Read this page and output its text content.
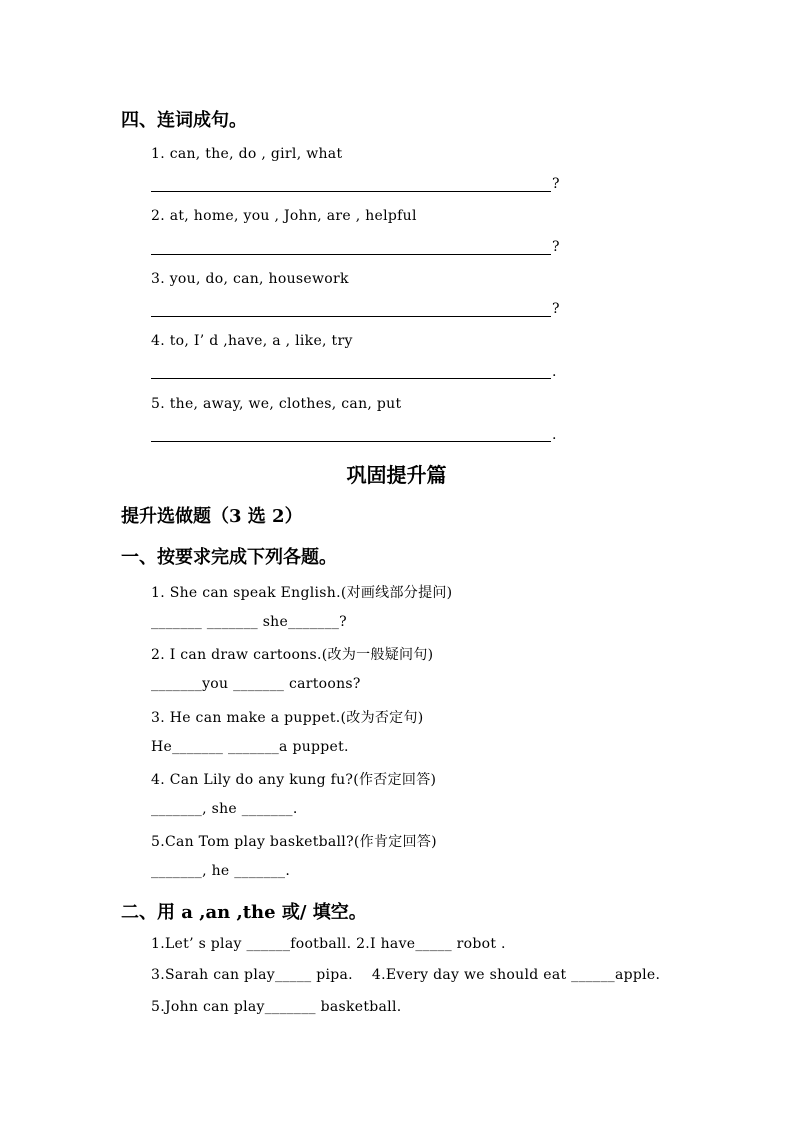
四、连词成句。
1. can, the, do , girl, what
?
2. at, home, you , John, are , helpful
?
3. you, do, can, housework
?
4. to, I’ d ,have, a , like, try
.
5. the, away, we, clothes, can, put
.
巩固提升篇
提升选做题（3 选 2）
一、按要求完成下列各题。
1. She can speak English.(对画线部分提问)
_______ _______ she_______?
2. I can draw cartoons.(改为一般疑问句)
_______you _______ cartoons?
3. He can make a puppet.(改为否定句)
He_______ _______a puppet.
4. Can Lily do any kung fu?(作否定回答)
_______, she _______.
5.Can Tom play basketball?(作肯定回答)
_______, he _______.
二、用 a ,an ,the 或/ 填空。
1.Let’ s play ______football. 2.I have_____ robot .
3.Sarah can play_____ pipa.    4.Every day we should eat ______apple.
5.John can play_______ basketball.
